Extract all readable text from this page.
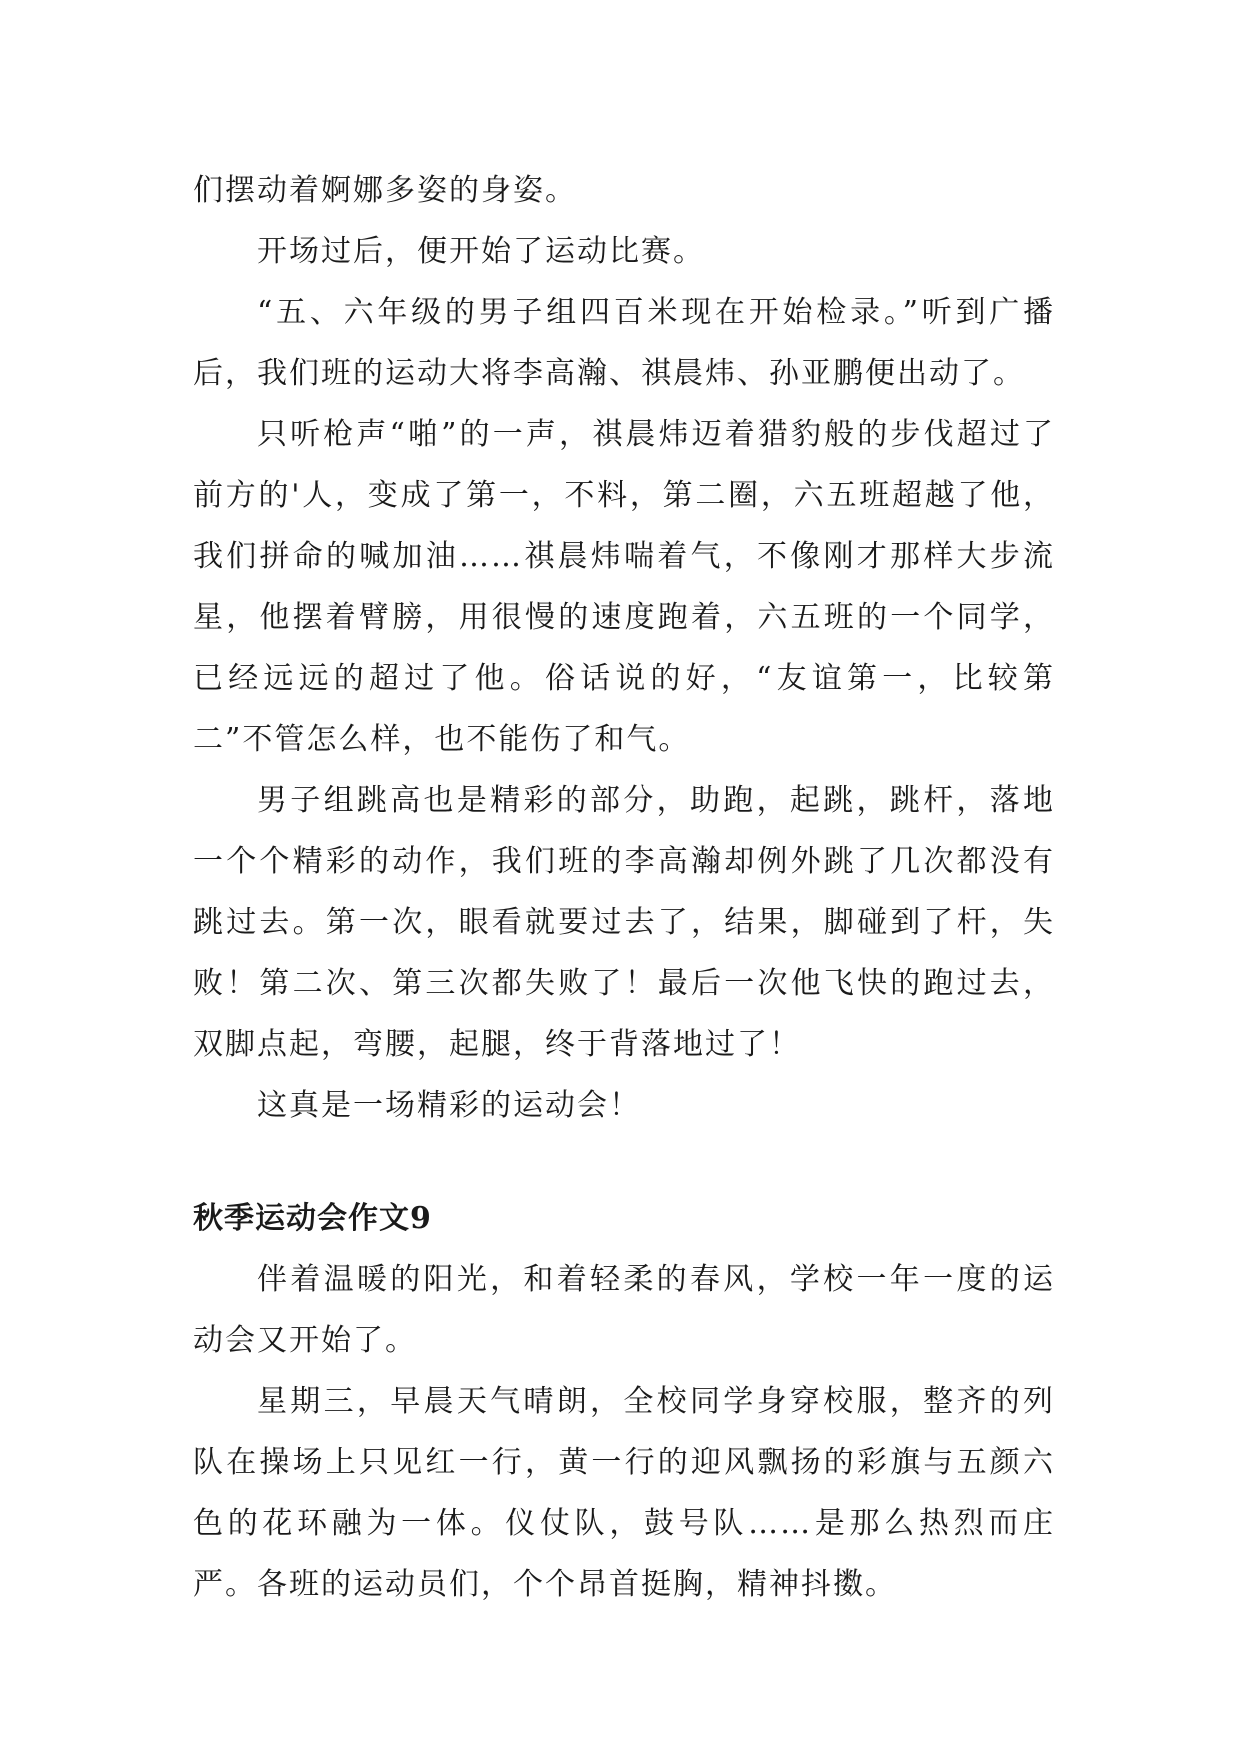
们摆动着婀娜多姿的身姿。

开场过后，便开始了运动比赛。

“五、六年级的男子组四百米现在开始检录。”听到广播后，我们班的运动大将李高瀚、祺晨炜、孙亚鹏便出动了。

只听枪声“啪”的一声，祺晨炜迈着猎豹般的步伐超过了前方的'人，变成了第一，不料，第二圈，六五班超越了他，我们拼命的喊加油……祺晨炜喘着气，不像刚才那样大步流星，他摆着臂膀，用很慢的速度跑着，六五班的一个同学，已经远远的超过了他。俗话说的好，“友谊第一，比较第二”不管怎么样，也不能伤了和气。

男子组跳高也是精彩的部分，助跑，起跳，跳杆，落地一个个精彩的动作，我们班的李高瀚却例外跳了几次都没有跳过去。第一次，眼看就要过去了，结果，脚碰到了杆，失败！第二次、第三次都失败了！最后一次他飞快的跑过去，双脚点起，弯腰，起腿，终于背落地过了！

这真是一场精彩的运动会！

秋季运动会作文9

伴着温暖的阳光，和着轻柔的春风，学校一年一度的运动会又开始了。

星期三，早晨天气晴朗，全校同学身穿校服，整齐的列队在操场上只见红一行，黄一行的迎风飘扬的彩旗与五颜六色的花环融为一体。仪仗队，鼓号队……是那么热烈而庄严。各班的运动员们，个个昂首挺胸，精神抖擞。
